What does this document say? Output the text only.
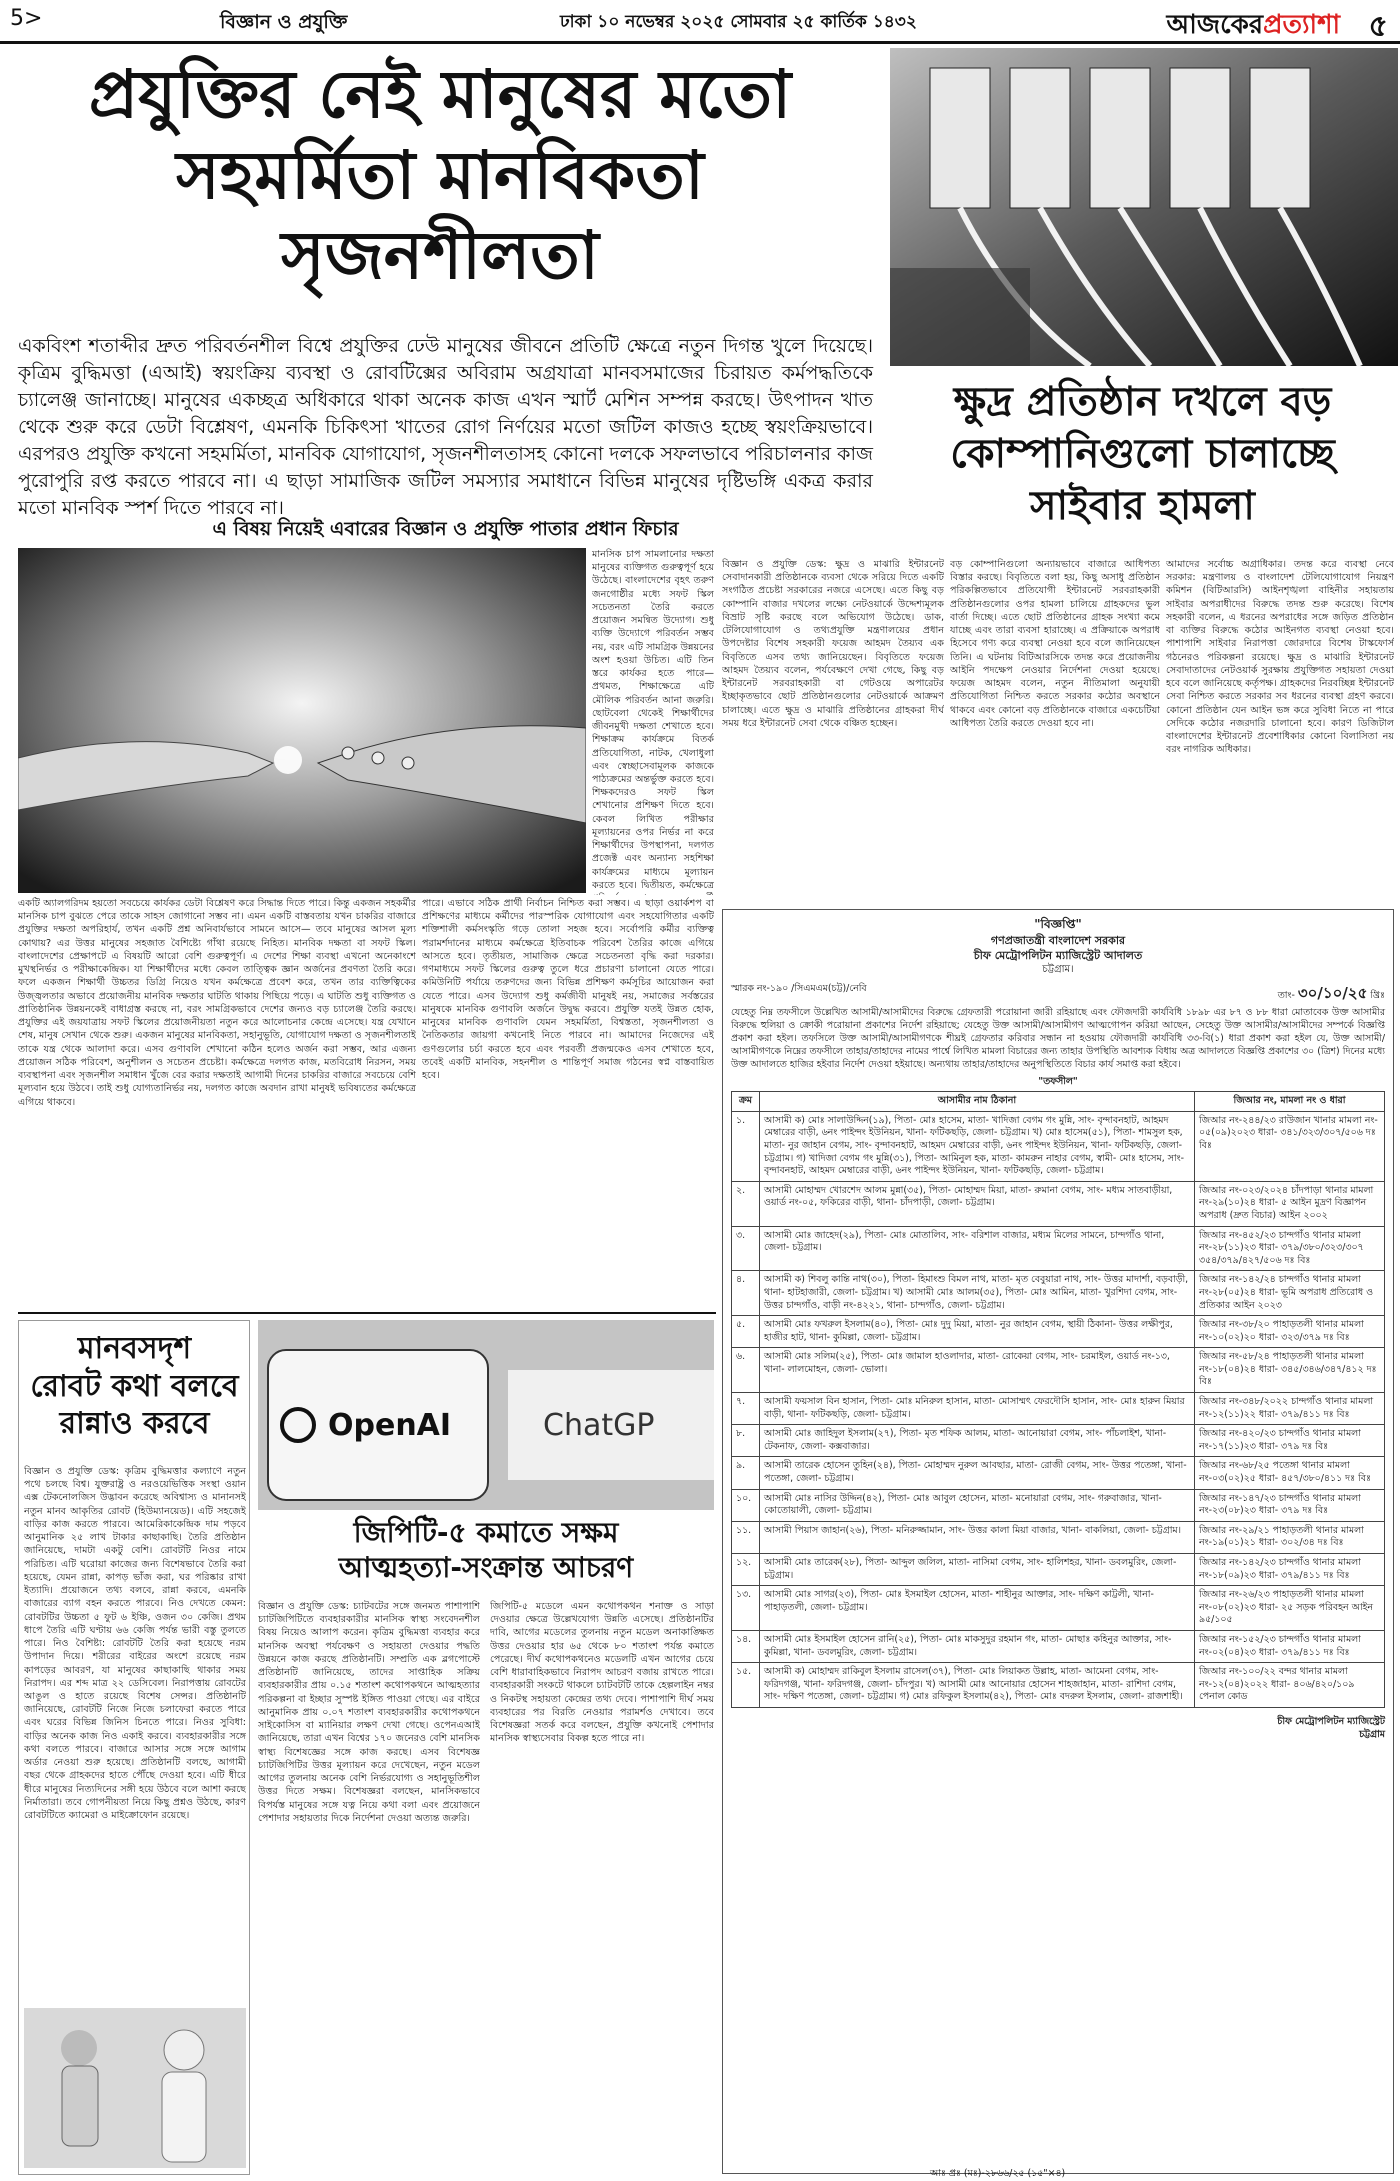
5>	বিজ্ঞান ও প্রযুক্তি	ঢাকা ১০ নভেম্বর ২০২৫ সোমবার ২৫ কার্তিক ১৪৩২	আজকেরপ্রত্যাশা ৫
প্রযুক্তির নেই মানুষের মতো
সহমর্মিতা মানবিকতা
সৃজনশীলতা
একবিংশ শতাব্দীর দ্রুত পরিবর্তনশীল বিশ্বে প্রযুক্তির ঢেউ মানুষের জীবনে প্রতিটি ক্ষেত্রে নতুন দিগন্ত খুলে দিয়েছে। কৃত্রিম বুদ্ধিমত্তা (এআই) স্বয়ংক্রিয় ব্যবস্থা ও রোবটিক্সের অবিরাম অগ্রযাত্রা মানবসমাজের চিরায়ত কর্মপদ্ধতিকে চ্যালেঞ্জ জানাচ্ছে। মানুষের একচ্ছত্র অধিকারে থাকা অনেক কাজ এখন স্মার্ট মেশিন সম্পন্ন করছে। উৎপাদন খাত থেকে শুরু করে ডেটা বিশ্লেষণ, এমনকি চিকিৎসা খাতের রোগ নির্ণয়ের মতো জটিল কাজও হচ্ছে স্বয়ংক্রিয়ভাবে। এরপরও প্রযুক্তি কখনো সহমর্মিতা, মানবিক যোগাযোগ, সৃজনশীলতাসহ কোনো দলকে সফলভাবে পরিচালনার কাজ পুরোপুরি রপ্ত করতে পারবে না। এ ছাড়া সামাজিক জটিল সমস্যার সমাধানে বিভিন্ন মানুষের দৃষ্টিভঙ্গি একত্র করার মতো মানবিক স্পর্শ দিতে পারবে না।
এ বিষয় নিয়েই এবারের বিজ্ঞান ও প্রযুক্তি পাতার প্রধান ফিচার
মানসিক চাপ সামলানোর দক্ষতা মানুষের ব্যক্তিগত গুরুত্বপূর্ণ হয়ে উঠেছে। বাংলাদেশের বৃহৎ তরুণ জনগোষ্ঠীর মধ্যে সফট স্কিল সচেতনতা তৈরি করতে প্রয়োজন সমন্বিত উদ্যোগ। শুধু ব্যক্তি উদ্যোগে পরিবর্তন সম্ভব নয়, বরং এটি সামগ্রিক উন্নয়নের অংশ হওয়া উচিত। এটি তিন স্তরে কার্যকর হতে পারে— প্রথমত, শিক্ষাক্ষেত্রে এটি মৌলিক পরিবর্তন আনা জরুরি। ছোটবেলা থেকেই শিক্ষার্থীদের জীবনমুখী দক্ষতা শেখাতে হবে। শিক্ষাক্রম কার্যক্রমে বিতর্ক প্রতিযোগিতা, নাটক, খেলাধুলা এবং স্বেচ্ছাসেবামূলক কাজকে পাঠ্যক্রমের অন্তর্ভুক্ত করতে হবে। শিক্ষকদেরও সফট স্কিল শেখানোর প্রশিক্ষণ দিতে হবে। কেবল লিখিত পরীক্ষার মূল্যায়নের ওপর নির্ভর না করে শিক্ষার্থীদের উপস্থাপনা, দলগত প্রজেক্ট এবং অন্যান্য সহশিক্ষা কার্যক্রমের মাধ্যমে মূল্যায়ন করতে হবে। দ্বিতীয়ত, কর্মক্ষেত্রে
একটি অ্যালগরিদম হয়তো সবচেয়ে কার্যকর ডেটা বিশ্লেষণ করে সিদ্ধান্ত দিতে পারে। কিন্তু একজন সহকর্মীর মানসিক চাপ বুঝতে পেরে তাকে সাহস জোগানো সম্ভব না। এমন একটি বাস্তবতায় যখন চাকরির বাজারে প্রযুক্তির দক্ষতা অপরিহার্য, তখন একটি প্রশ্ন অনিবার্যভাবে সামনে আসে— তবে মানুষের আসল মূল্য কোথায়? এর উত্তর মানুষের সহজাত বৈশিষ্ট্যে গাঁথা রয়েছে নিহিত। মানবিক দক্ষতা বা সফট স্কিল। বাংলাদেশের প্রেক্ষাপটে এ বিষয়টি আরো বেশি গুরুত্বপূর্ণ। এ দেশের শিক্ষা ব্যবস্থা এখনো অনেকাংশে মুখস্থনির্ভর ও পরীক্ষাকেন্দ্রিক। যা শিক্ষার্থীদের মধ্যে কেবল তাত্ত্বিক জ্ঞান অর্জনের প্রবণতা তৈরি করে। ফলে একজন শিক্ষার্থী উচ্চতর ডিগ্রি নিয়েও যখন কর্মক্ষেত্রে প্রবেশ করে, তখন তার ব্যক্তিত্বিকের উজ্জ্বলতার অভাবে প্রয়োজনীয় মানবিক দক্ষতার ঘাটতি থাকায় পিছিয়ে পড়ে। এ ঘাটতি শুধু ব্যক্তিগত ও প্রাতিষ্ঠানিক উন্নয়নকেই বাধাগ্রস্ত করছে না, বরং সামগ্রিকভাবে দেশের জন্যও বড় চ্যালেঞ্জ তৈরি করছে। প্রযুক্তির এই জয়যাত্রায় সফট স্কিলের প্রয়োজনীয়তা নতুন করে আলোচনার কেন্দ্রে এসেছে। যন্ত্র যেখানে শেষ, মানুষ সেখান থেকে শুরু। একজন মানুষের মানবিকতা, সহানুভূতি, যোগাযোগ দক্ষতা ও সৃজনশীলতাই তাকে যন্ত্র থেকে আলাদা করে। এসব গুণাবলি শেখানো কঠিন হলেও অর্জন করা সম্ভব, আর এজন্য প্রয়োজন সঠিক পরিবেশ, অনুশীলন ও সচেতন প্রচেষ্টা। কর্মক্ষেত্রে দলগত কাজ, মতবিরোধ নিরসন, সময় ব্যবস্থাপনা এবং সৃজনশীল সমাধান খুঁজে বের করার দক্ষতাই আগামী দিনের চাকরির বাজারে সবচেয়ে বেশি মূল্যবান হয়ে উঠবে। তাই শুধু যোগ্যতানির্ভর নয়, দলগত কাজে অবদান রাখা মানুষই ভবিষ্যতের কর্মক্ষেত্রে এগিয়ে থাকবে।
পারে। এভাবে সঠিক প্রার্থী নির্বাচন নিশ্চিত করা সম্ভব। এ ছাড়া ওয়ার্কশপ বা প্রশিক্ষণের মাধ্যমে কর্মীদের পারস্পরিক যোগাযোগ এবং সহযোগিতার একটি শক্তিশালী কর্মসংস্কৃতি গড়ে তোলা সহজ হবে। সর্বোপরি কর্মীর ব্যক্তিত্ব পরামর্শদানের মাধ্যমে কর্মক্ষেত্রে ইতিবাচক পরিবেশ তৈরির কাজে এগিয়ে আসতে হবে। তৃতীয়ত, সামাজিক ক্ষেত্রে সচেতনতা বৃদ্ধি করা দরকার। গণমাধ্যমে সফট স্কিলের গুরুত্ব তুলে ধরে প্রচারণা চালানো যেতে পারে। কমিউনিটি পর্যায়ে তরুণদের জন্য বিভিন্ন প্রশিক্ষণ কর্মসূচির আয়োজন করা যেতে পারে। এসব উদ্যোগ শুধু কর্মজীবী মানুষই নয়, সমাজের সর্বস্তরের মানুষকে মানবিক গুণাবলি অর্জনে উদ্বুদ্ধ করবে। প্রযুক্তি যতই উন্নত হোক, মানুষের মানবিক গুণাবলি যেমন সহমর্মিতা, বিশ্বস্ততা, সৃজনশীলতা ও নৈতিকতার জায়গা কখনোই নিতে পারবে না। আমাদের নিজেদের এই গুণগুলোর চর্চা করতে হবে এবং পরবর্তী প্রজন্মকেও এসব শেখাতে হবে, তবেই একটি মানবিক, সহনশীল ও শান্তিপূর্ণ সমাজ গঠনের স্বপ্ন বাস্তবায়িত হবে।
ক্ষুদ্র প্রতিষ্ঠান দখলে বড় কোম্পানিগুলো চালাচ্ছে সাইবার হামলা
বিজ্ঞান ও প্রযুক্তি ডেস্ক: ক্ষুদ্র ও মাঝারি ইন্টারনেট সেবাদানকারী প্রতিষ্ঠানকে ব্যবসা থেকে সরিয়ে দিতে একটি সংগঠিত প্রচেষ্টা সরকারের নজরে এসেছে। এতে কিছু বড় কোম্পানি বাজার দখলের লক্ষ্যে নেটওয়ার্কে উদ্দেশ্যমূলক বিভ্রাট সৃষ্টি করছে বলে অভিযোগ উঠেছে। ডাক, টেলিযোগাযোগ ও তথ্যপ্রযুক্তি মন্ত্রণালয়ের প্রধান উপদেষ্টার বিশেষ সহকারী ফয়েজ আহমদ তৈয়্যব এক বিবৃতিতে এসব তথ্য জানিয়েছেন। বিবৃতিতে ফয়েজ আহমদ তৈয়্যব বলেন, পর্যবেক্ষণে দেখা গেছে, কিছু বড় ইন্টারনেট সরবরাহকারী বা গেটওয়ে অপারেটর ইচ্ছাকৃতভাবে ছোট প্রতিষ্ঠানগুলোর নেটওয়ার্কে আক্রমণ চালাচ্ছে। এতে ক্ষুদ্র ও মাঝারি প্রতিষ্ঠানের গ্রাহকরা দীর্ঘ সময় ধরে ইন্টারনেট সেবা থেকে বঞ্চিত হচ্ছেন।
বড় কোম্পানিগুলো অন্যায়ভাবে বাজারে আধিপত্য বিস্তার করছে। বিবৃতিতে বলা হয়, কিছু অসাধু প্রতিষ্ঠান পরিকল্পিতভাবে প্রতিযোগী ইন্টারনেট সরবরাহকারী প্রতিষ্ঠানগুলোর ওপর হামলা চালিয়ে গ্রাহকদের ভুল বার্তা দিচ্ছে। এতে ছোট প্রতিষ্ঠানের গ্রাহক সংখ্যা কমে যাচ্ছে এবং তারা ব্যবসা হারাচ্ছে। এ প্রক্রিয়াকে অপরাধ হিসেবে গণ্য করে ব্যবস্থা নেওয়া হবে বলে জানিয়েছেন তিনি। এ ঘটনায় বিটিআরসিকে তদন্ত করে প্রয়োজনীয় আইনি পদক্ষেপ নেওয়ার নির্দেশনা দেওয়া হয়েছে। ফয়েজ আহমদ বলেন, নতুন নীতিমালা অনুযায়ী প্রতিযোগিতা নিশ্চিত করতে সরকার কঠোর অবস্থানে থাকবে এবং কোনো বড় প্রতিষ্ঠানকে বাজারে একচেটিয়া আধিপত্য তৈরি করতে দেওয়া হবে না।
আমাদের সর্বোচ্চ অগ্রাধিকার। তদন্ত করে ব্যবস্থা নেবে সরকার: মন্ত্রণালয় ও বাংলাদেশ টেলিযোগাযোগ নিয়ন্ত্রণ কমিশন (বিটিআরসি) আইনশৃঙ্খলা বাহিনীর সহায়তায় সাইবার অপরাধীদের বিরুদ্ধে তদন্ত শুরু করেছে। বিশেষ সহকারী বলেন, এ ধরনের অপরাধের সঙ্গে জড়িত প্রতিষ্ঠান বা ব্যক্তির বিরুদ্ধে কঠোর আইনগত ব্যবস্থা নেওয়া হবে। পাশাপাশি সাইবার নিরাপত্তা জোরদারে বিশেষ টাস্কফোর্স গঠনেরও পরিকল্পনা রয়েছে। ক্ষুদ্র ও মাঝারি ইন্টারনেট সেবাদাতাদের নেটওয়ার্ক সুরক্ষায় প্রযুক্তিগত সহায়তা দেওয়া হবে বলে জানিয়েছে কর্তৃপক্ষ। গ্রাহকদের নিরবচ্ছিন্ন ইন্টারনেট সেবা নিশ্চিত করতে সরকার সব ধরনের ব্যবস্থা গ্রহণ করবে। কোনো প্রতিষ্ঠান যেন আইন ভঙ্গ করে সুবিধা নিতে না পারে সেদিকে কঠোর নজরদারি চালানো হবে। কারণ ডিজিটাল বাংলাদেশের ইন্টারনেট প্রবেশাধিকার কোনো বিলাসিতা নয় বরং নাগরিক অধিকার।
মানবসদৃশ
রোবট কথা বলবে
রান্নাও করবে
বিজ্ঞান ও প্রযুক্তি ডেস্ক: কৃত্রিম বুদ্ধিমত্তার কল্যাণে নতুন পথে চলছে বিশ্ব। যুক্তরাষ্ট্র ও নরওয়েভিত্তিক সংস্থা ওয়ান এক্স টেকনোলজিস উদ্ভাবন করেছে অবিশ্বাস্য ও মানানসই নতুন মানব আকৃতির রোবট (হিউম্যানয়েড)। এটি সহজেই বাড়ির কাজ করতে পারবে। আমেরিকাকেন্দ্রিক দাম পড়বে আনুমানিক ২৫ লাখ টাকার কাছাকাছি। তৈরি প্রতিষ্ঠান জানিয়েছে, দামটা একটু বেশি। রোবটটি নিওর নামে পরিচিত। এটি ঘরোয়া কাজের জন্য বিশেষভাবে তৈরি করা হয়েছে, যেমন রান্না, কাপড় ভাঁজ করা, ঘর পরিষ্কার রাখা ইত্যাদি। প্রয়োজনে তথ্য বলবে, রান্না করবে, এমনকি বাজারের ব্যাগ বহন করতে পারবে। নিও দেখতে কেমন: রোবটটির উচ্চতা ৫ ফুট ৬ ইঞ্চি, ওজন ৩০ কেজি। প্রথম ধাপে তৈরি এটি ঘণ্টায় ৬৬ কেজি পর্যন্ত ভারী বস্তু তুলতে পারে। নিও বৈশিষ্ট্য: রোবটটি তৈরি করা হয়েছে নরম উপাদান দিয়ে। শরীরের বাইরের অংশে রয়েছে নরম কাপড়ের আবরণ, যা মানুষের কাছাকাছি থাকার সময় নিরাপদ। এর শব্দ মাত্র ২২ ডেসিবেল। নিরাপত্তায় রোবটের আঙুল ও হাতে রয়েছে বিশেষ সেন্সর। প্রতিষ্ঠানটি জানিয়েছে, রোবটটি নিজে নিজে চলাফেরা করতে পারে এবং ঘরের বিভিন্ন জিনিস চিনতে পারে। নিওর সুবিধা: বাড়ির অনেক কাজ নিও একাই করবে। ব্যবহারকারীর সঙ্গে কথা বলতে পারবে। বাজারে আসার সঙ্গে সঙ্গে আগাম অর্ডার নেওয়া শুরু হয়েছে। প্রতিষ্ঠানটি বলছে, আগামী বছর থেকে গ্রাহকদের হাতে পৌঁছে দেওয়া হবে। এটি ধীরে ধীরে মানুষের নিত্যদিনের সঙ্গী হয়ে উঠবে বলে আশা করছে নির্মাতারা। তবে গোপনীয়তা নিয়ে কিছু প্রশ্নও উঠছে, কারণ রোবটটিতে ক্যামেরা ও মাইক্রোফোন রয়েছে।
OpenAI	ChatGP
জিপিটি-৫ কমাতে সক্ষম
আত্মহত্যা-সংক্রান্ত আচরণ
বিজ্ঞান ও প্রযুক্তি ডেস্ক: চ্যাটবটের সঙ্গে জনমত পাশাপাশি চ্যাটজিপিটিতে ব্যবহারকারীর মানসিক স্বাস্থ্য সংবেদনশীল বিষয় নিয়েও আলাপ করেন। কৃত্রিম বুদ্ধিমত্তা ব্যবহার করে মানসিক অবস্থা পর্যবেক্ষণ ও সহায়তা দেওয়ার পদ্ধতি উন্নয়নে কাজ করছে প্রতিষ্ঠানটি। সম্প্রতি এক ব্লগপোস্টে প্রতিষ্ঠানটি জানিয়েছে, তাদের সাপ্তাহিক সক্রিয় ব্যবহারকারীর প্রায় ০.১৫ শতাংশ কথোপকথনে আত্মহত্যার পরিকল্পনা বা ইচ্ছার সুস্পষ্ট ইঙ্গিত পাওয়া গেছে। এর বাইরে আনুমানিক প্রায় ০.০৭ শতাংশ ব্যবহারকারীর কথোপকথনে সাইকোসিস বা ম্যানিয়ার লক্ষণ দেখা গেছে। ওপেনএআই জানিয়েছে, তারা এখন বিশ্বের ১৭০ জনেরও বেশি মানসিক স্বাস্থ্য বিশেষজ্ঞের সঙ্গে কাজ করছে। এসব বিশেষজ্ঞ চ্যাটজিপিটির উত্তর মূল্যায়ন করে দেখেছেন, নতুন মডেল আগের তুলনায় অনেক বেশি নির্ভরযোগ্য ও সহানুভূতিশীল উত্তর দিতে সক্ষম। বিশেষজ্ঞরা বলছেন, মানসিকভাবে বিপর্যস্ত মানুষের সঙ্গে যত্ন নিয়ে কথা বলা এবং প্রয়োজনে পেশাদার সহায়তার দিকে নির্দেশনা দেওয়া অত্যন্ত জরুরি।
জিপিটি-৫ মডেলে এমন কথোপকথন শনাক্ত ও সাড়া দেওয়ার ক্ষেত্রে উল্লেখযোগ্য উন্নতি এসেছে। প্রতিষ্ঠানটির দাবি, আগের মডেলের তুলনায় নতুন মডেল অনাকাঙ্ক্ষিত উত্তর দেওয়ার হার ৬৫ থেকে ৮০ শতাংশ পর্যন্ত কমাতে পেরেছে। দীর্ঘ কথোপকথনেও মডেলটি এখন আগের চেয়ে বেশি ধারাবাহিকভাবে নিরাপদ আচরণ বজায় রাখতে পারে। ব্যবহারকারী সংকটে থাকলে চ্যাটবটটি তাকে হেল্পলাইন নম্বর ও নিকটস্থ সহায়তা কেন্দ্রের তথ্য দেবে। পাশাপাশি দীর্ঘ সময় ব্যবহারের পর বিরতি নেওয়ার পরামর্শও দেখাবে। তবে বিশেষজ্ঞরা সতর্ক করে বলছেন, প্রযুক্তি কখনোই পেশাদার মানসিক স্বাস্থ্যসেবার বিকল্প হতে পারে না।
"বিজ্ঞপ্তি"
গণপ্রজাতন্ত্রী বাংলাদেশ সরকার
চীফ মেট্রোপলিটন ম্যাজিস্ট্রেট আদালত
চট্টগ্রাম।
স্মারক নং-১৯০ /সিএমএম(চট্ট)/নেবি
তাং- ৩০/১০/২৫ খ্রিঃ
যেহেতু নিম্ন তফসীলে উল্লেখিত আসামী/আসামীদের বিরুদ্ধে গ্রেফতারী পরোয়ানা জারী রহিয়াছে এবং ফৌজদারী কার্যবিধি ১৮৯৮ এর ৮৭ ও ৮৮ ধারা মোতাবেক উক্ত আসামীর বিরুদ্ধে হুলিয়া ও ক্রোকী পরোয়ানা প্রকাশের নির্দেশ রহিয়াছে; যেহেতু উক্ত আসামী/আসামীগণ আত্মগোপন করিয়া আছেন, সেহেতু উক্ত আসামীর/আসামীদের সম্পর্কে বিজ্ঞপ্তি প্রকাশ করা হইল। তফসিলে উক্ত আসামী/আসামীগণকে শীঘ্রই গ্রেফতার করিবার সন্ধান না হওয়ায় ফৌজদারী কার্যবিধি ৩৩-বি(১) ধারা প্রকাশ করা হইল যে, উক্ত আসামী/আসামীগণকে নিম্নের তফসীলে তাহার/তাহাদের নামের পার্শ্বে লিখিত মামলা বিচারের জন্য তাহার উপস্থিতি আবশ্যক বিধায় অত্র আদালতে বিজ্ঞপ্তি প্রকাশের ৩০ (ত্রিশ) দিনের মধ্যে উক্ত আদালতে হাজির হইবার নির্দেশ দেওয়া হইয়াছে। অন্যথায় তাহার/তাহাদের অনুপস্থিতিতে বিচার কার্য সমাপ্ত করা হইবে।
"তফসীল"
ক্রম	আসামীর নাম ঠিকানা	জিআর নং, মামলা নং ও ধারা
১.	আসামী ক) মোঃ সালাউদ্দিন(১৯), পিতা- মোঃ হাসেম, মাতা- খাদিজা বেগম গং মুন্নি, সাং- বৃন্দাবনহাট, আহমদ মেম্বারের বাড়ী, ৬নং পাইন্দং ইউনিয়ন, খানা- ফটিকছড়ি, জেলা- চট্টগ্রাম। খ) মোঃ হাসেম(৫১), পিতা- শামসুল হক, মাতা- নুর জাহান বেগম, সাং- বৃন্দাবনহাট, আহমদ মেম্বারের বাড়ী, ৬নং পাইন্দং ইউনিয়ন, খানা- ফটিকছড়ি, জেলা- চট্টগ্রাম। গ) খাদিজা বেগম গং মুন্নি(৩১), পিতা- আমিনুল হক, মাতা- কামরুন নাহার বেগম, স্বামী- মোঃ হাসেম, সাং- বৃন্দাবনহাট, আহমদ মেম্বারের বাড়ী, ৬নং পাইন্দং ইউনিয়ন, খানা- ফটিকছড়ি, জেলা- চট্টগ্রাম।	জিআর নং-২৪৪/২৩ রাউজান খানার মামলা নং- ০৫(০৯)২০২৩ ধারা- ৩৪১/৩২৩/৩০৭/৫০৬ দঃ বিঃ
২.	আসামী মোহাম্মদ খোরশেদ আলম মুন্না(৩৫), পিতা- মোহাম্মদ মিয়া, মাতা- রুমানা বেগম, সাং- মধ্যম সাতবাড়ীয়া, ওয়ার্ড নং-০৫, ফকিরের বাড়ী, থানা- চাঁদপাড়ী, জেলা- চট্টগ্রাম।	জিআর নং-০২৩/২০২৪ চাঁদপাড়া থানার মামলা নং-২৯(১০)২৪ ধারা- ৫ আইন মুদ্রণ বিজ্ঞাপন অপরাধ (দ্রুত বিচার) আইন ২০০২
৩.	আসামী মোঃ জাহেদ(২৯), পিতা- মোঃ মোতালিব, সাং- বরিশাল বাজার, মধ্যম মিলের সামনে, চান্দগাঁও থানা, জেলা- চট্টগ্রাম।	জিআর নং-৪৫২/২৩ চান্দগাঁও থানার মামলা নং-২৮(১১)২৩ ধারা- ৩৭৯/৩৮০/৩২৩/৩০৭ ৩৫৪/৩৭৯/৪২৭/৫০৬ দঃ বিঃ
৪.	আসামী ক) শিবলু কান্তি নাথ(৩০), পিতা- হিমাংশু বিমল নাথ, মাতা- মৃত বেবুয়ারা নাথ, সাং- উত্তর মাদার্শা, বড়বাড়ী, থানা- হাটহাজারী, জেলা- চট্টগ্রাম। খ) আসামী মোঃ আলম(৩৫), পিতা- মোঃ আমিন, মাতা- খুরশিদা বেগম, সাং- উত্তর চান্দগাঁও, বাড়ী নং-৪২২১, থানা- চান্দগাঁও, জেলা- চট্টগ্রাম।	জিআর নং-১৪২/২৪ চান্দগাঁও থানার মামলা নং-২৮(০৫)২৪ ধারা- ভূমি অপরাধ প্রতিরোধ ও প্রতিকার আইন ২০২৩
৫.	আসামী মোঃ ফখরুল ইসলাম(৪০), পিতা- মোঃ দুদু মিয়া, মাতা- নুর জাহান বেগম, স্থায়ী ঠিকানা- উত্তর লক্ষীপুর, হাজীর হাট, থানা- কুমিল্লা, জেলা- চট্টগ্রাম।	জিআর নং-৩৮/২০ পাহাড়তলী থানার মামলা নং-১০(০২)২০ ধারা- ৩২৩/৩৭৯ দঃ বিঃ
৬.	আসামী মোঃ সলিম(২৫), পিতা- মোঃ জামাল হাওলাদার, মাতা- রোকেয়া বেগম, সাং- চরমাইল, ওয়ার্ড নং-১৩, খানা- লালমোহন, জেলা- ভোলা।	জিআর নং-৫৮/২৪ পাহাড়তলী থানার মামলা নং-১৮(০৪)২৪ ধারা- ৩৪৫/৩৪৬/৩৪৭/৪১২ দঃ বিঃ
৭.	আসামী ফয়সাল বিন হাসান, পিতা- মোঃ মনিরুল হাসান, মাতা- মোসাম্মৎ ফেরদৌসি হাসান, সাং- মোঃ হারুন মিয়ার বাড়ী, থানা- ফটিকছড়ি, জেলা- চট্টগ্রাম।	জিআর নং-৩৪৮/২০২২ চান্দগাঁও থানার মামলা নং-১২(১১)২২ ধারা- ৩৭৯/৪১১ দঃ বিঃ
৮.	আসামী মোঃ জাহিদুল ইসলাম(২৭), পিতা- মৃত শফিক আলম, মাতা- আনোয়ারা বেগম, সাং- পাঁচলাইশ, খানা- টেকনাফ, জেলা- কক্সবাজার।	জিআর নং-৪২০/২৩ চান্দগাঁও থানার মামলা নং-১৭(১১)২৩ ধারা- ৩৭৯ দঃ বিঃ
৯.	আসামী তারেক হোসেন তুহিন(২৪), পিতা- মোহাম্মদ নুরুল আবছার, মাতা- রোজী বেগম, সাং- উত্তর পতেঙ্গা, খানা- পতেঙ্গা, জেলা- চট্টগ্রাম।	জিআর নং-৬৮/২৫ পতেঙ্গা থানার মামলা নং-০৩(০২)২৫ ধারা- ৪৫৭/৩৮০/৪১১ দঃ বিঃ
১০.	আসামী মোঃ নাসির উদ্দিন(৪২), পিতা- মোঃ আবুল হোসেন, মাতা- মনোয়ারা বেগম, সাং- গরুবাজার, খানা- কোতোয়ালী, জেলা- চট্টগ্রাম।	জিআর নং-১৪৭/২৩ চান্দগাঁও থানার মামলা নং-২৩(০৮)২৩ ধারা- ৩৭৯ দঃ বিঃ
১১.	আসামী পিয়াস জাহান(২৬), পিতা- মনিরুজ্জামান, সাং- উত্তর কালা মিয়া বাজার, খানা- বাকলিয়া, জেলা- চট্টগ্রাম।	জিআর নং-২৯/২১ পাহাড়তলী থানার মামলা নং-১৯(০১)২১ ধারা- ৩০২/৩৪ দঃ বিঃ
১২.	আসামী মোঃ তারেক(২৮), পিতা- আব্দুল জলিল, মাতা- নাসিমা বেগম, সাং- হালিশহর, খানা- ডবলমুরিং, জেলা- চট্টগ্রাম।	জিআর নং-১৪২/২৩ চান্দগাঁও থানার মামলা নং-১৮(০৯)২৩ ধারা- ৩৭৯/৪১১ দঃ বিঃ
১৩.	আসামী মোঃ সাগর(২৩), পিতা- মোঃ ইসমাইল হোসেন, মাতা- শাহীনুর আক্তার, সাং- দক্ষিণ কাট্টলী, খানা- পাহাড়তলী, জেলা- চট্টগ্রাম।	জিআর নং-২৬/২৩ পাহাড়তলী থানার মামলা নং-০৮(০২)২৩ ধারা- ২৫ সড়ক পরিবহন আইন ৯৫/১০৫
১৪.	আসামী মোঃ ইসমাইল হোসেন রানি(২৫), পিতা- মোঃ মাকসুদুর রহমান গং, মাতা- মোছাঃ কহিনুর আক্তার, সাং- কুমিল্লা, খানা- ডবলমুরিং, জেলা- চট্টগ্রাম।	জিআর নং-১৫২/২৩ চান্দগাঁও থানার মামলা নং-০২(০৪)২৩ ধারা- ৩৭৯/৪১১ দঃ বিঃ
১৫.	আসামী ক) মোহাম্মদ রাকিবুল ইসলাম রাসেল(৩৭), পিতা- মোঃ লিয়াকত উল্লাহ, মাতা- আমেনা বেগম, সাং- ফরিদগঞ্জ, খানা- ফরিদগঞ্জ, জেলা- চাঁদপুর। খ) আসামী মোঃ আনোয়ার হোসেন শাহজাহান, মাতা- রাশিদা বেগম, সাং- দক্ষিণ পতেঙ্গা, জেলা- চট্টগ্রাম। গ) মোঃ রফিকুল ইসলাম(৪২), পিতা- মোঃ বদরুল ইসলাম, জেলা- রাজশাহী।	জিআর নং-১০০/২২ বন্দর থানার মামলা নং-১২(০৪)২০২২ ধারা- ৪০৬/৪২০/১০৯ পেনাল কোড
চীফ মেট্রোপলিটন ম্যাজিস্ট্রেট
চট্টগ্রাম
আঃ প্রঃ (মঃ)-২৮৬৬/২৫ (১৫"×৪)
